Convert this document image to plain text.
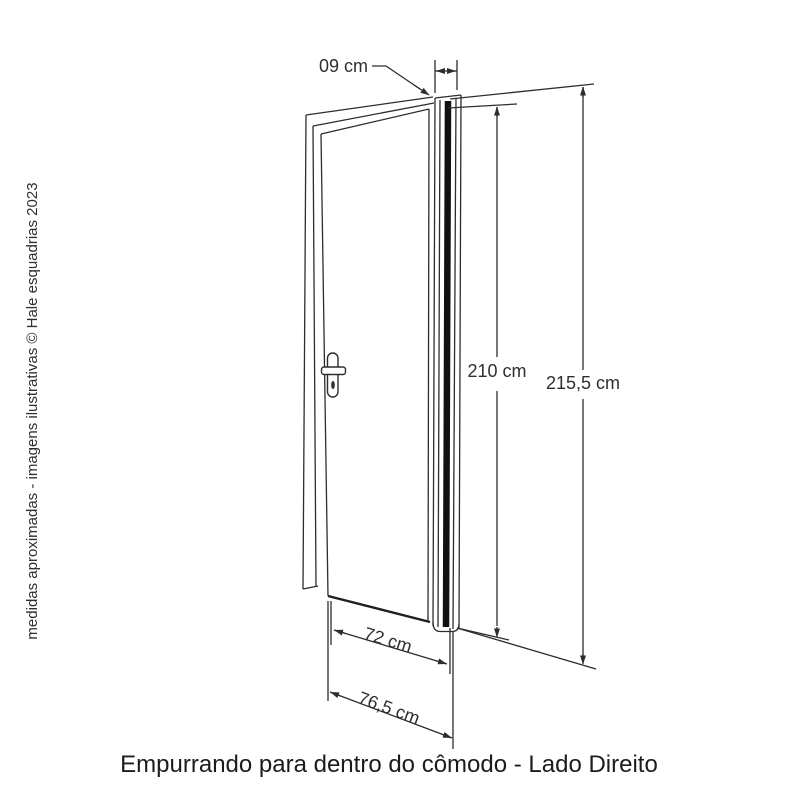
09 cm
210 cm
215,5 cm
72 cm
76,5 cm
medidas aproximadas - imagens ilustrativas © Hale esquadrias 2023
Empurrando para dentro do cômodo - Lado Direito
